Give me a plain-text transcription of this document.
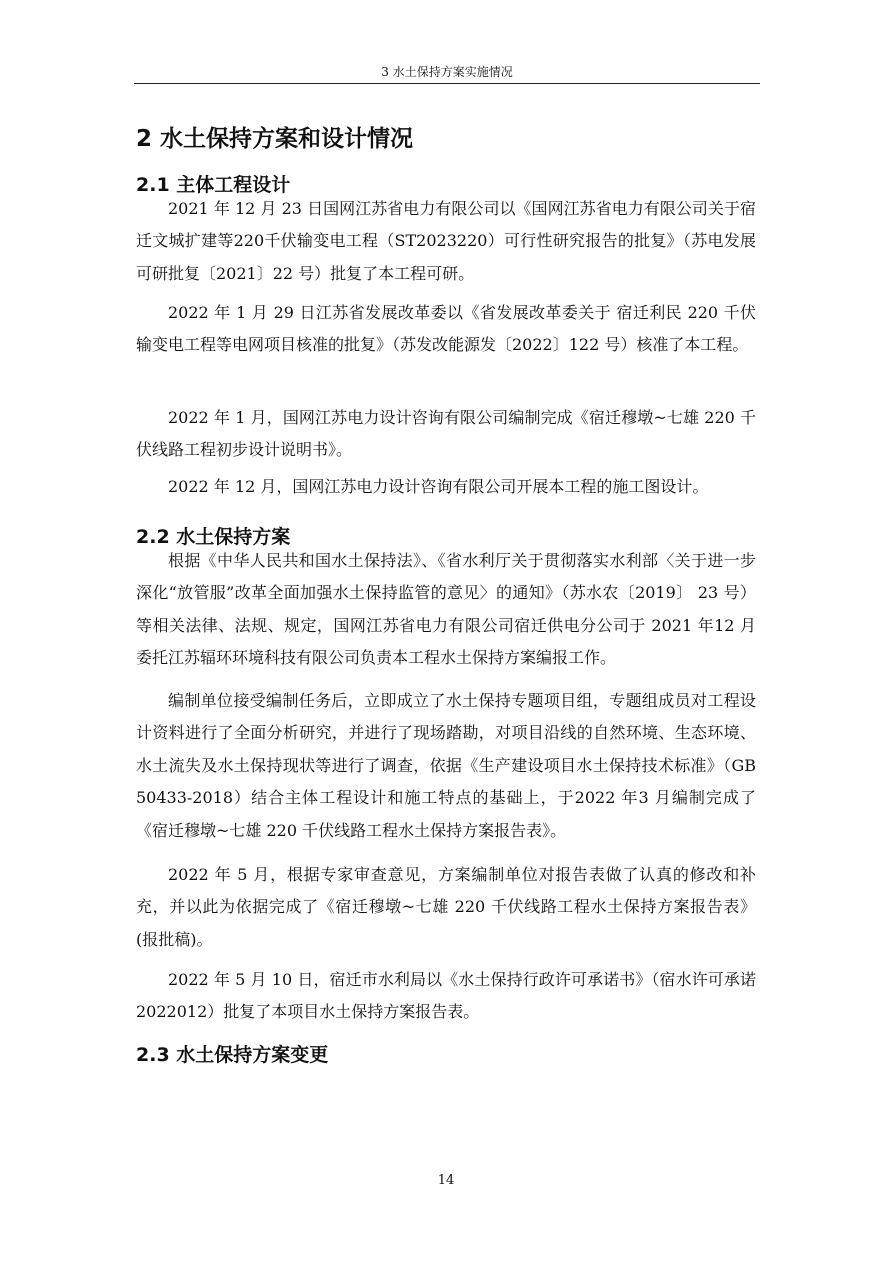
3 水土保持方案实施情况
2 水土保持方案和设计情况
2.1 主体工程设计

2021 年 12 月 23 日国网江苏省电力有限公司以《国网江苏省电力有限公司关于宿迁文城扩建等220千伏输变电工程（ST2023220）可行性研究报告的批复》（苏电发展可研批复〔2021〕22 号）批复了本工程可研。

2022 年 1 月 29 日江苏省发展改革委以《省发展改革委关于 宿迁利民 220 千伏输变电工程等电网项目核准的批复》（苏发改能源发〔2022〕122 号）核准了本工程。

2022 年 1 月，国网江苏电力设计咨询有限公司编制完成《宿迁穆墩~七雄 220 千伏线路工程初步设计说明书》。

2022 年 12 月，国网江苏电力设计咨询有限公司开展本工程的施工图设计。

2.2 水土保持方案

根据《中华人民共和国水土保持法》、《省水利厅关于贯彻落实水利部〈关于进一步深化“放管服”改革全面加强水土保持监管的意见〉的通知》（苏水农〔2019〕 23 号）等相关法律、法规、规定，国网江苏省电力有限公司宿迁供电分公司于 2021 年12 月委托江苏辐环环境科技有限公司负责本工程水土保持方案编报工作。

编制单位接受编制任务后，立即成立了水土保持专题项目组，专题组成员对工程设计资料进行了全面分析研究，并进行了现场踏勘，对项目沿线的自然环境、生态环境、水土流失及水土保持现状等进行了调查，依据《生产建设项目水土保持技术标准》（GB 50433-2018）结合主体工程设计和施工特点的基础上，于2022 年3 月编制完成了《宿迁穆墩~七雄 220 千伏线路工程水土保持方案报告表》。

2022 年 5 月，根据专家审查意见，方案编制单位对报告表做了认真的修改和补充，并以此为依据完成了《宿迁穆墩~七雄 220 千伏线路工程水土保持方案报告表》(报批稿)。

2022 年 5 月 10 日，宿迁市水利局以《水土保持行政许可承诺书》（宿水许可承诺 2022012）批复了本项目水土保持方案报告表。

2.3 水土保持方案变更
14
